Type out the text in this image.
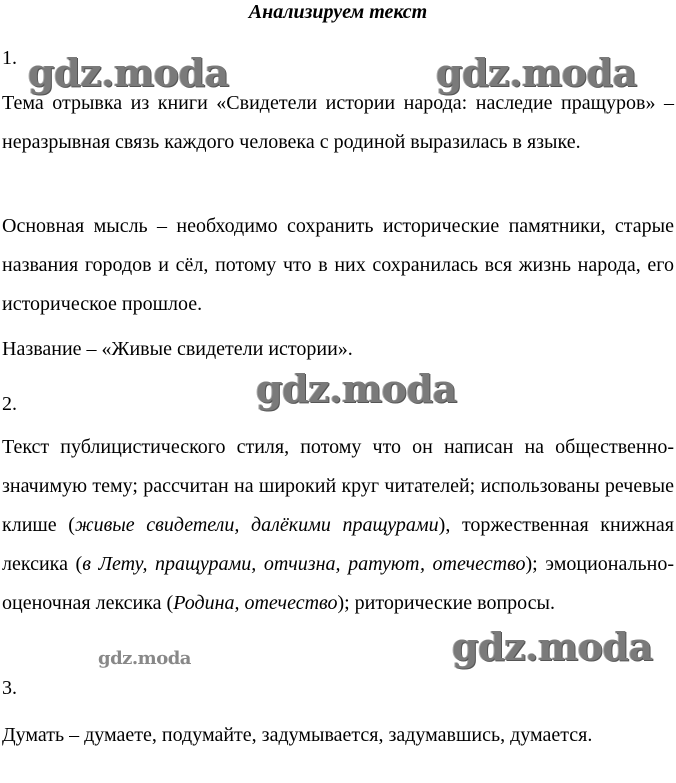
Анализируем текст
1. gdz.moda	gdz.moda
Тема отрывка из книги «Свидетели истории народа: наследие пращуров» – неразрывная связь каждого человека с родиной выразилась в языке.
Основная мысль – необходимо сохранить исторические памятники, старые названия городов и сёл, потому что в них сохранилась вся жизнь народа, его историческое прошлое.
Название – «Живые свидетели истории».
2.	gdz.moda
Текст публицистического стиля, потому что он написан на общественно-значимую тему; рассчитан на широкий круг читателей; использованы речевые клише (живые свидетели, далёкими пращурами), торжественная книжная лексика (в Лету, пращурами, отчизна, ратуют, отечество); эмоционально-оценочная лексика (Родина, отечество); риторические вопросы.
gdz.moda
gdz.moda
3.
Думать – думаете, подумайте, задумывается, задумавшись, думается.
